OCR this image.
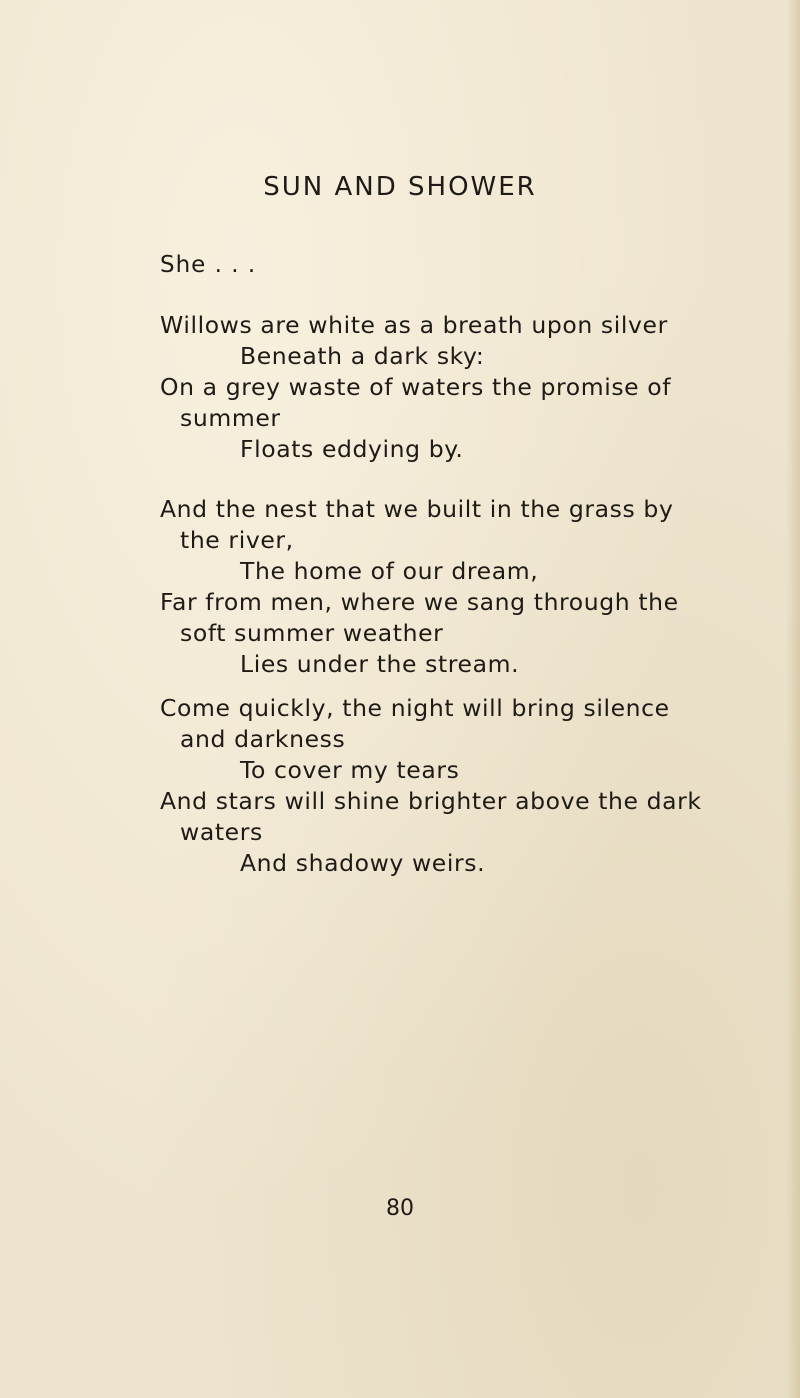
SUN AND SHOWER
She . . .
Willows are white as a breath upon silver
Beneath a dark sky:
On a grey waste of waters the promise of
summer
Floats eddying by.
And the nest that we built in the grass by
the river,
The home of our dream,
Far from men, where we sang through the
soft summer weather
Lies under the stream.
Come quickly, the night will bring silence
and darkness
To cover my tears
And stars will shine brighter above the dark
waters
And shadowy weirs.
80
